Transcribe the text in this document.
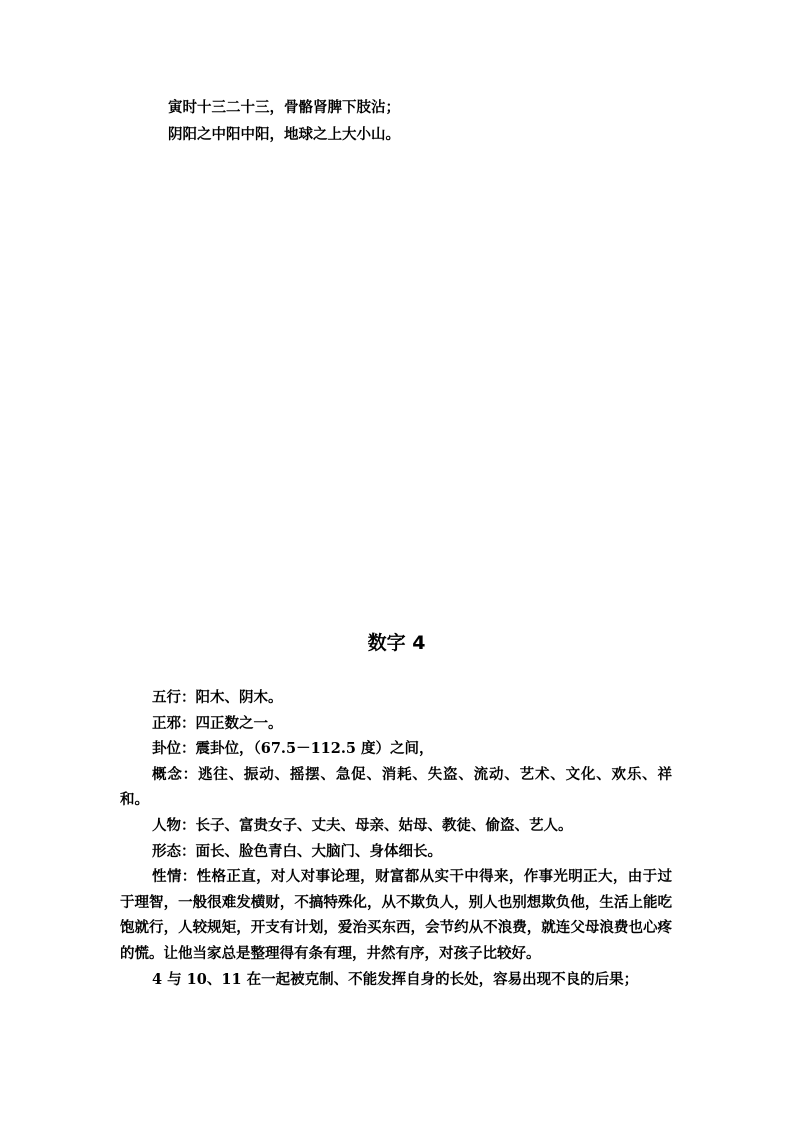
寅时十三二十三，骨骼肾脾下肢沾；
阴阳之中阳中阳，地球之上大小山。
数字 4

五行：阳木、阴木。

正邪：四正数之一。

卦位：震卦位，（67.5－112.5 度）之间，

概念：逃往、振动、摇摆、急促、消耗、失盗、流动、艺术、文化、欢乐、祥和。

人物：长子、富贵女子、丈夫、母亲、姑母、教徒、偷盗、艺人。

形态：面长、脸色青白、大脑门、身体细长。

性情：性格正直，对人对事论理，财富都从实干中得来，作事光明正大，由于过于理智，一般很难发横财，不搞特殊化，从不欺负人，别人也别想欺负他，生活上能吃饱就行，人较规矩，开支有计划，爱治买东西，会节约从不浪费，就连父母浪费也心疼的慌。让他当家总是整理得有条有理，井然有序，对孩子比较好。

4 与 10、11 在一起被克制、不能发挥自身的长处，容易出现不良的后果；
